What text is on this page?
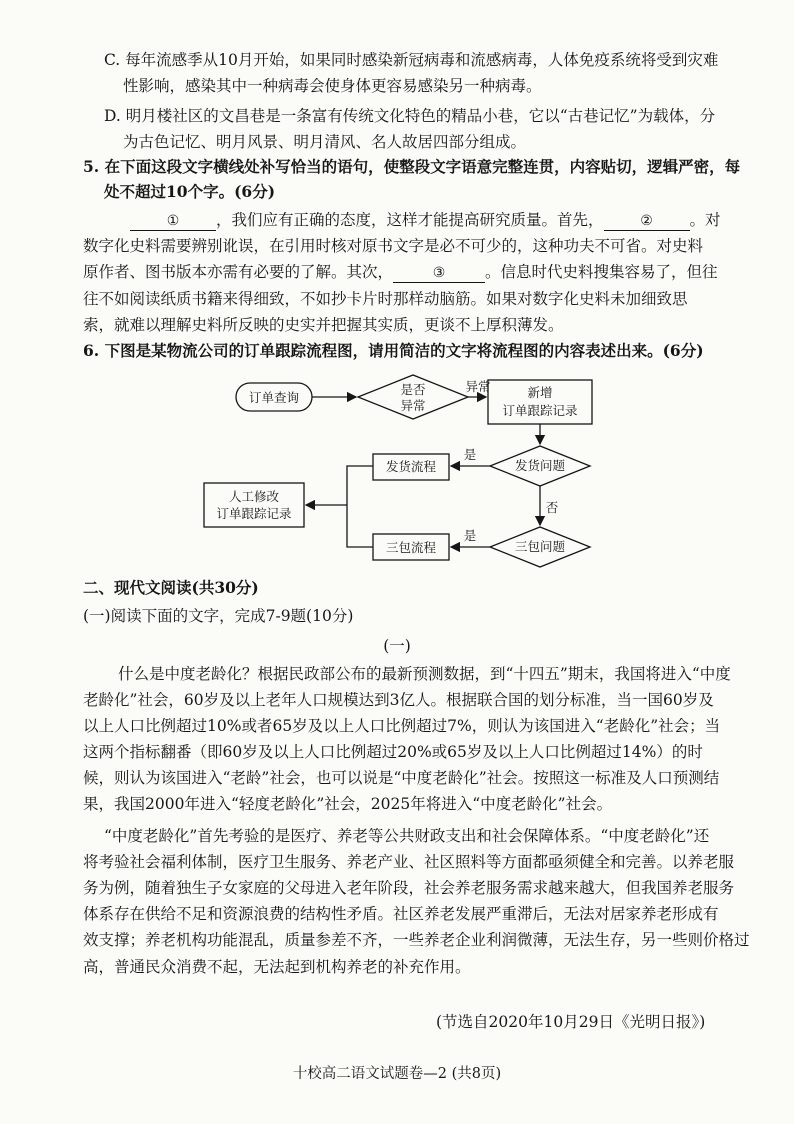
C. 每年流感季从10月开始，如果同时感染新冠病毒和流感病毒，人体免疫系统将受到灾难
性影响，感染其中一种病毒会使身体更容易感染另一种病毒。
D. 明月楼社区的文昌巷是一条富有传统文化特色的精品小巷，它以“古巷记忆”为载体，分
为古色记忆、明月风景、明月清风、名人故居四部分组成。
5. 在下面这段文字横线处补写恰当的语句，使整段文字语意完整连贯，内容贴切，逻辑严密，每
处不超过10个字。(6分)
① ，我们应有正确的态度，这样才能提高研究质量。首先，	② 。对
数字化史料需要辨别讹误，在引用时核对原书文字是必不可少的，这种功夫不可省。对史料
原作者、图书版本亦需有必要的了解。其次，	③	。信息时代史料搜集容易了，但往
往不如阅读纸质书籍来得细致，不如抄卡片时那样动脑筋。如果对数字化史料未加细致思
索，就难以理解史料所反映的史实并把握其实质，更谈不上厚积薄发。
6. 下图是某物流公司的订单跟踪流程图，请用简洁的文字将流程图的内容表述出来。(6分)
订单查询
是否
异常
异常	新增
订单跟踪记录
发货问题
是
发货流程
人工修改
订单跟踪记录	否
三包问题
是
三包流程
二、现代文阅读(共30分)
(一)阅读下面的文字，完成7-9题(10分)
(一)
什么是中度老龄化？根据民政部公布的最新预测数据，到“十四五”期末，我国将进入“中度
老龄化”社会，60岁及以上老年人口规模达到3亿人。根据联合国的划分标准，当一国60岁及
以上人口比例超过10%或者65岁及以上人口比例超过7%，则认为该国进入“老龄化”社会；当
这两个指标翻番（即60岁及以上人口比例超过20%或65岁及以上人口比例超过14%）的时
候，则认为该国进入“老龄”社会，也可以说是“中度老龄化”社会。按照这一标准及人口预测结
果，我国2000年进入“轻度老龄化”社会，2025年将进入“中度老龄化”社会。
“中度老龄化”首先考验的是医疗、养老等公共财政支出和社会保障体系。“中度老龄化”还
将考验社会福利体制，医疗卫生服务、养老产业、社区照料等方面都亟须健全和完善。以养老服
务为例，随着独生子女家庭的父母进入老年阶段，社会养老服务需求越来越大，但我国养老服务
体系存在供给不足和资源浪费的结构性矛盾。社区养老发展严重滞后，无法对居家养老形成有
效支撑；养老机构功能混乱，质量参差不齐，一些养老企业利润微薄，无法生存，另一些则价格过
高，普通民众消费不起，无法起到机构养老的补充作用。
(节选自2020年10月29日《光明日报》)
十校高二语文试题卷—2 (共8页)
